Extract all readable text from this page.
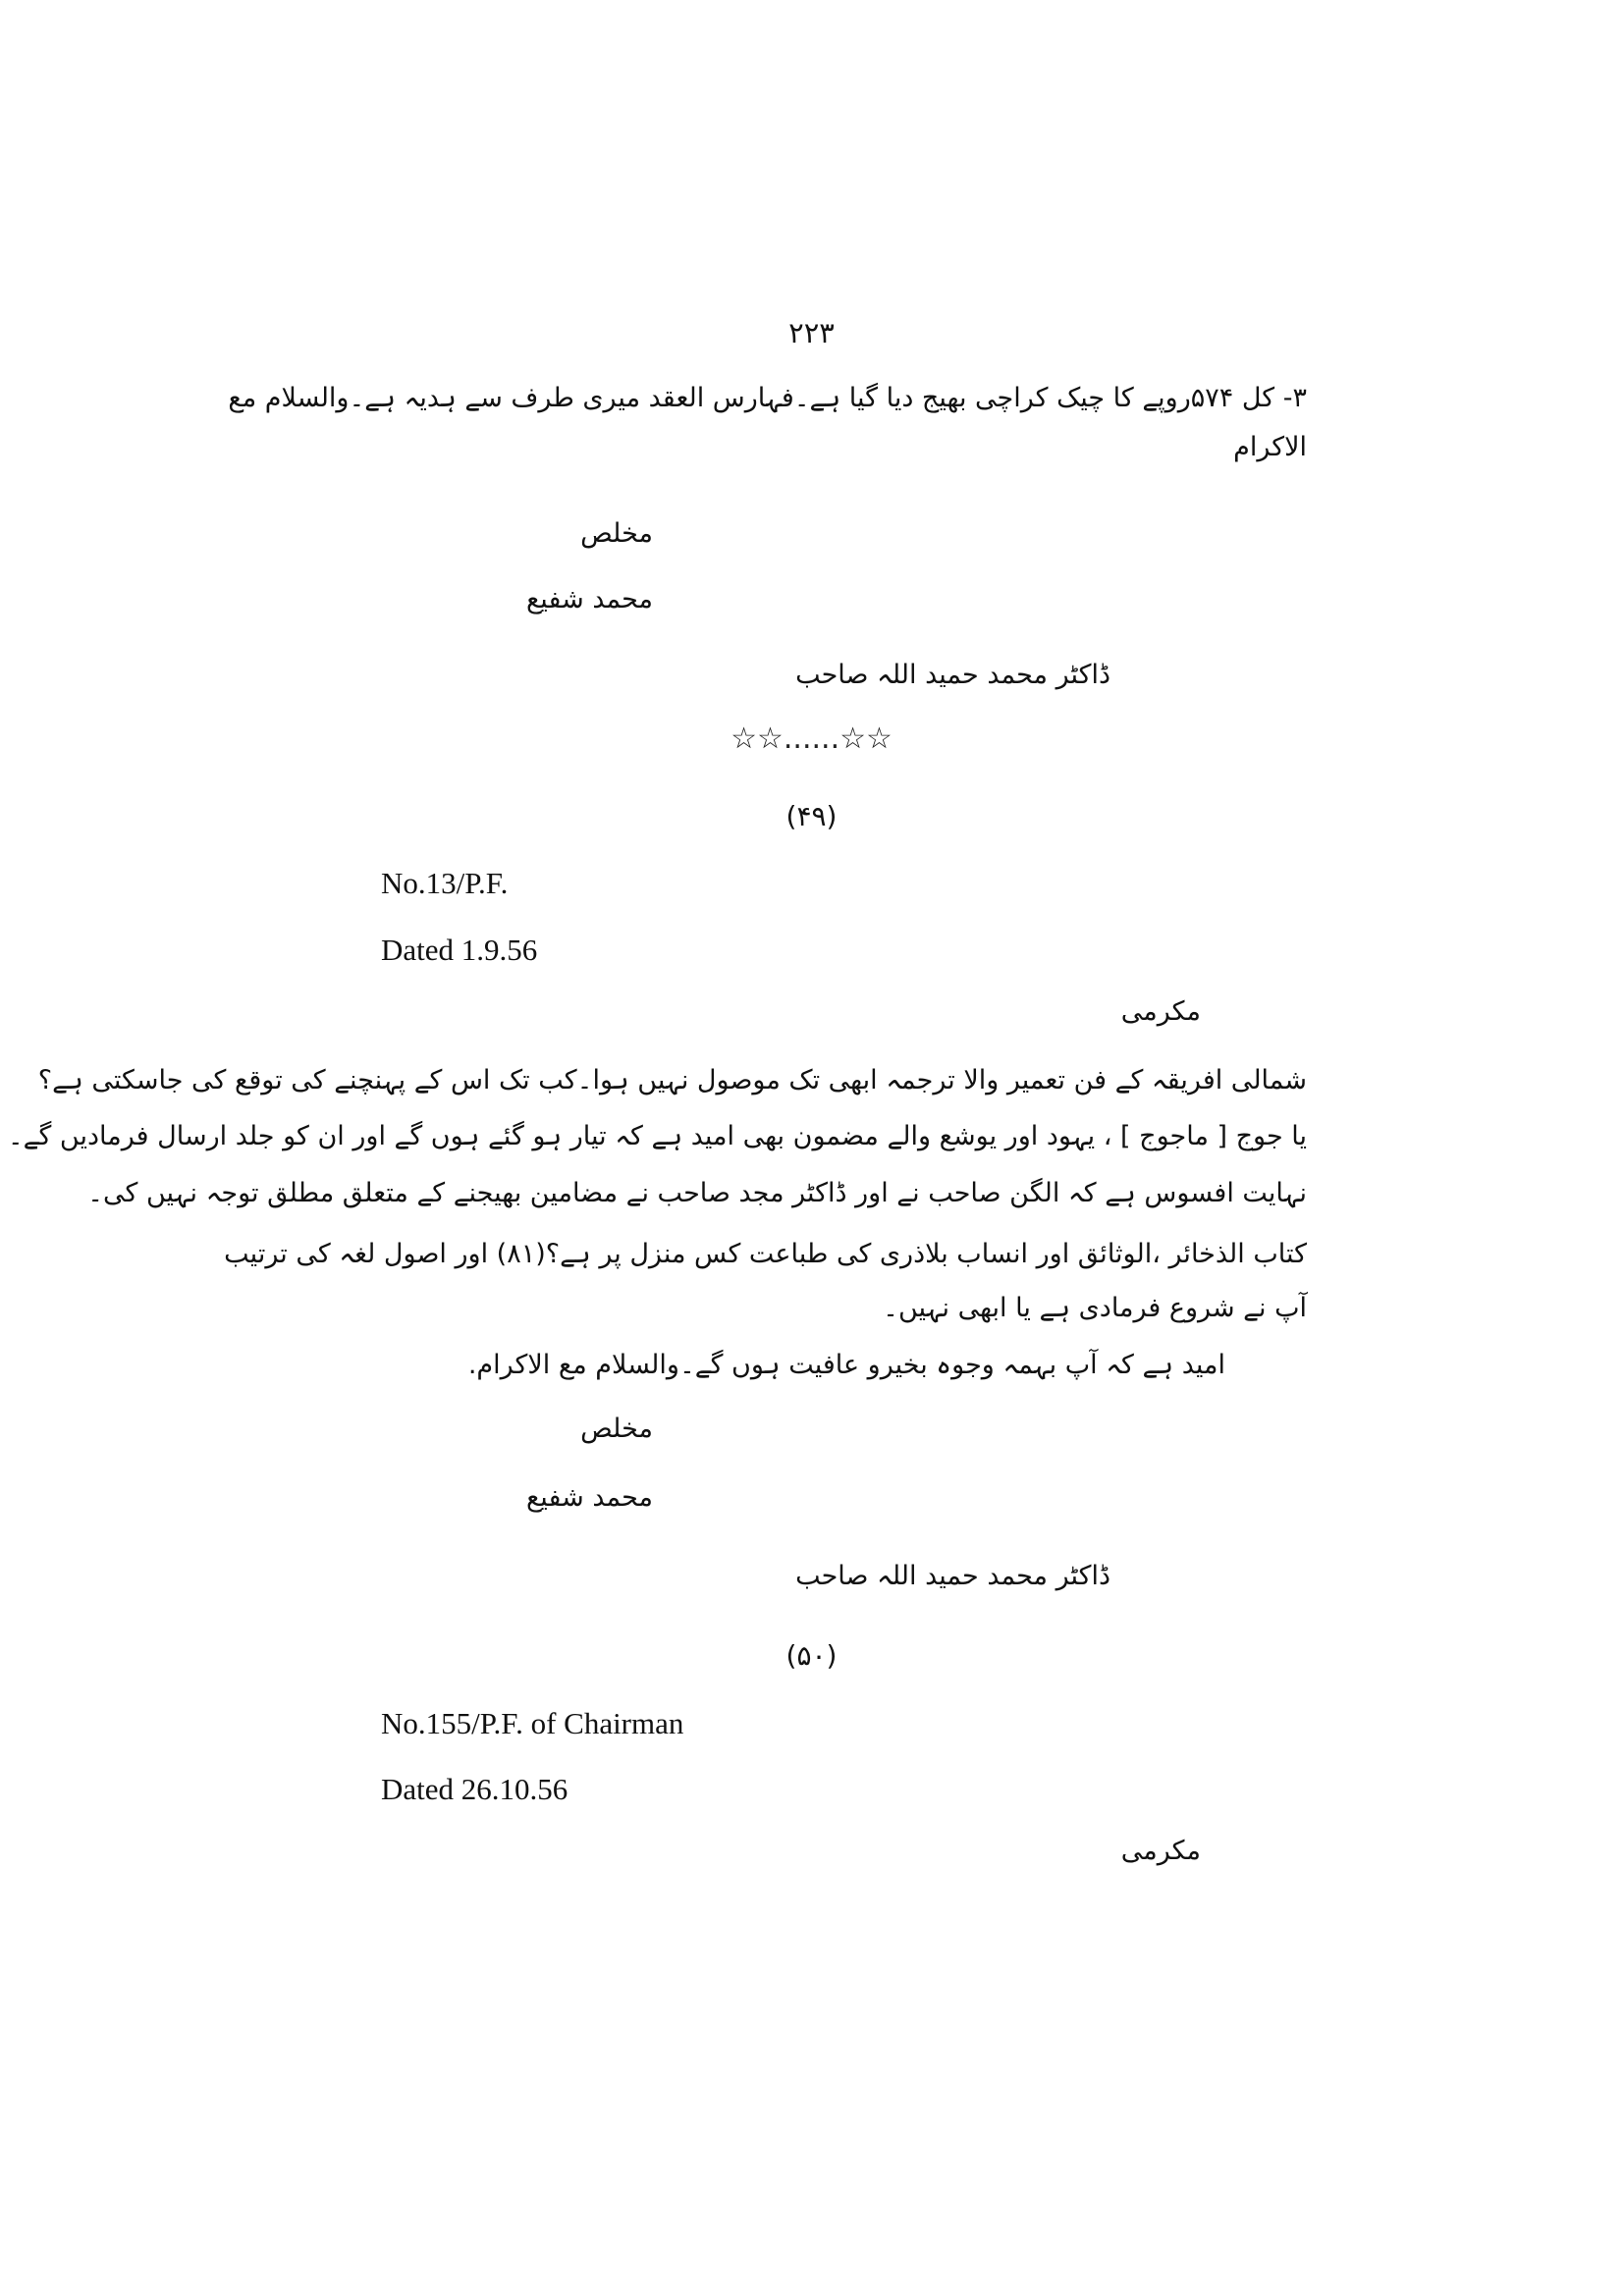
۲۲۳
۳- کل ۵۷۴روپے کا چیک کراچی بھیج دیا گیا ہے۔فہارس العقد میری طرف سے ہدیہ ہے۔والسلام مع
الاکرام
مخلص
محمد شفیع
ڈاکٹر محمد حمید اللہ صاحب
☆☆......☆☆
(۴۹)
No.13/P.F.
Dated 1.9.56
مکرمی
شمالی افریقہ کے فن تعمیر والا ترجمہ ابھی تک موصول نہیں ہوا۔کب تک اس کے پہنچنے کی توقع کی جاسکتی ہے؟
یا جوج [ ماجوج ] ، یہود اور یوشع والے مضمون بھی امید ہے کہ تیار ہو گئے ہوں گے اور ان کو جلد ارسال فرمادیں گے۔
نہایت افسوس ہے کہ الگن صاحب نے اور ڈاکٹر مجد صاحب نے مضامین بھیجنے کے متعلق مطلق توجہ نہیں کی۔
کتاب الذخائر ،الوثائق اور انساب بلاذری کی طباعت کس منزل پر ہے؟(۸۱) اور اصول لغہ کی ترتیب
آپ نے شروع فرمادی ہے یا ابھی نہیں۔
امید ہے کہ آپ بہمہ وجوہ بخیرو عافیت ہوں گے۔والسلام مع الاکرام.
مخلص
محمد شفیع
ڈاکٹر محمد حمید اللہ صاحب
(۵۰)
No.155/P.F. of Chairman
Dated 26.10.56
مکرمی
